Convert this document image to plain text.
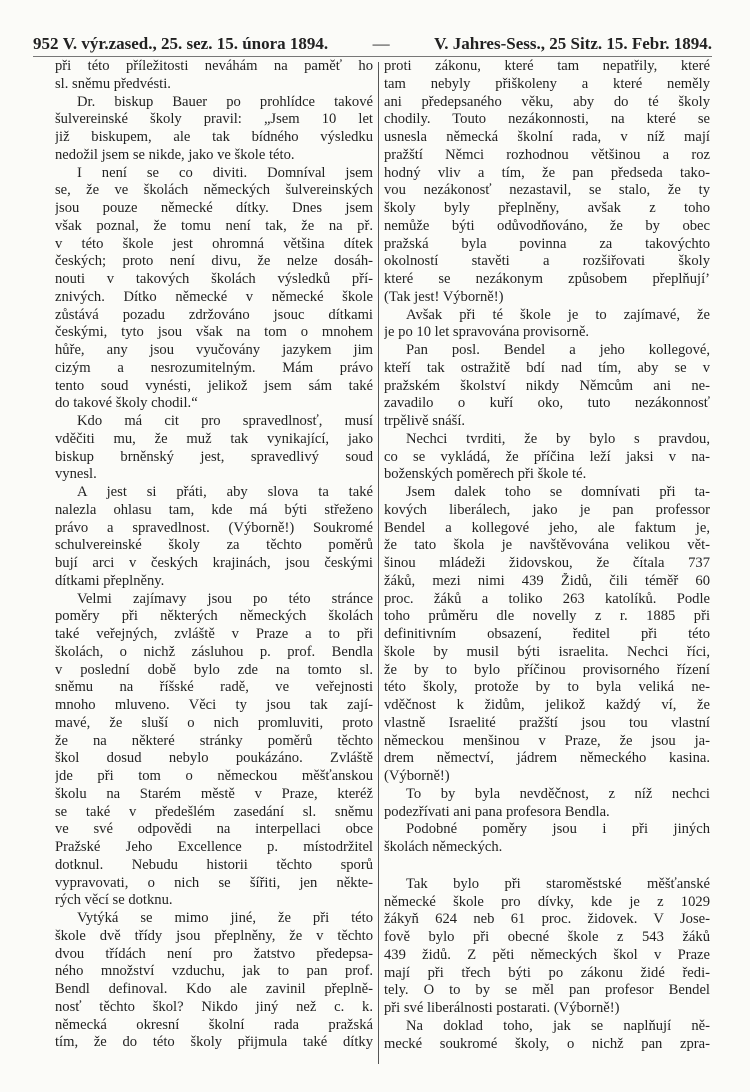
952 V. výr.zased., 25. sez. 15. února 1894.	—	V. Jahres-Sess., 25 Sitz. 15. Febr. 1894.
při této příležitosti neváhám na paměť ho
sl. sněmu předvésti.
Dr. biskup Bauer po prohlídce takové
šulvereinské školy pravil: „Jsem 10 let
již biskupem, ale tak bídného výsledku
nedožil jsem se nikde, jako ve škole této.
I není se co diviti. Domníval jsem
se, že ve školách německých šulvereinských
jsou pouze německé dítky. Dnes jsem
však poznal, že tomu není tak, že na př.
v této škole jest ohromná většina dítek
českých; proto není divu, že nelze dosáh-
nouti v takových školách výsledků pří-
znivých. Dítko německé v německé škole
zůstává pozadu zdržováno jsouc dítkami
českými, tyto jsou však na tom o mnohem
hůře, any jsou vyučovány jazykem jim
cizým a nesrozumitelným. Mám právo
tento soud vynésti, jelikož jsem sám také
do takové školy chodil.“
Kdo má cit pro spravedlnosť, musí
vděčiti mu, že muž tak vynikající, jako
biskup brněnský jest, spravedlivý soud
vynesl.
A jest si přáti, aby slova ta také
nalezla ohlasu tam, kde má býti střeženo
právo a spravedlnost. (Výborně!) Soukromé
schulvereinské školy za těchto poměrů
bují arci v českých krajinách, jsou českými
dítkami přeplněny.
Velmi zajímavy jsou po této stránce
poměry při některých německých školách
také veřejných, zvláště v Praze a to při
školách, o nichž zásluhou p. prof. Bendla
v poslední době bylo zde na tomto sl.
sněmu na říšské radě, ve veřejnosti
mnoho mluveno. Věci ty jsou tak zají-
mavé, že sluší o nich promluviti, proto
že na některé stránky poměrů těchto
škol dosud nebylo poukázáno. Zvláště
jde při tom o německou měšťanskou
školu na Starém městě v Praze, kteréž
se také v předešlém zasedání sl. sněmu
ve své odpovědi na interpellaci obce
Pražské Jeho Excellence p. místodržitel
dotknul. Nebudu historii těchto sporů
vypravovati, o nich se šířiti, jen někte-
rých věcí se dotknu.
Vytýká se mimo jiné, že při této
škole dvě třídy jsou přeplněny, že v těchto
dvou třídách není pro žatstvo předepsa-
ného množství vzduchu, jak to pan prof.
Bendl definoval. Kdo ale zavinil přeplně-
nosť těchto škol? Nikdo jiný než c. k.
německá okresní školní rada pražská
tím, že do této školy přijmula také dítky
proti zákonu, které tam nepatřily, které
tam nebyly přiškoleny a které neměly
ani předepsaného věku, aby do té školy
chodily. Touto nezákonnosti, na které se
usnesla německá školní rada, v níž mají
pražští Němci rozhodnou většinou a roz
hodný vliv a tím, že pan předseda tako-
vou nezákonosť nezastavil, se stalo, že ty
školy byly přeplněny, avšak z toho
nemůže býti odůvodňováno, že by obec
pražská byla povinna za takovýchto
okolností stavěti a rozšiřovati školy
které se nezákonym způsobem přeplňují’
(Tak jest! Výborně!)
Avšak při té škole je to zajímavé, že
je po 10 let spravována provisorně.
Pan posl. Bendel a jeho kollegové,
kteří tak ostražitě bdí nad tím, aby se v
pražském školství nikdy Němcům ani ne-
zavadilo o kuří oko, tuto nezákonnosť
trpělivě snáší.
Nechci tvrditi, že by bylo s pravdou,
co se vykládá, že příčina leží jaksi v na-
boženských poměrech při škole té.
Jsem dalek toho se domnívati při ta-
kových liberálech, jako je pan professor
Bendel a kollegové jeho, ale faktum je,
že tato škola je navštěvována velikou vět-
šinou mládeži židovskou, že čítala 737
žáků, mezi nimi 439 Židů, čili téměř 60
proc. žáků a toliko 263 katolíků. Podle
toho průměru dle novelly z r. 1885 při
definitivním obsazení, ředitel při této
škole by musil býti israelita. Nechci říci,
že by to bylo příčinou provisorného řízení
této školy, protože by to byla veliká ne-
vděčnost k židům, jelikož každý ví, že
vlastně Israelité pražští jsou tou vlastní
německou menšinou v Praze, že jsou ja-
drem němectví, jádrem německého kasina.
(Výborně!)
To by byla nevděčnost, z níž nechci
podezřívati ani pana profesora Bendla.
Podobné poměry jsou i při jiných
školách německých.
Tak bylo při staroměstské měšťanské
německé škole pro dívky, kde je z 1029
žákyň 624 neb 61 proc. židovek. V Jose-
fově bylo při obecné škole z 543 žáků
439 židů. Z pěti německých škol v Praze
mají při třech býti po zákonu židé ředi-
tely. O to by se měl pan profesor Bendel
při své liberálnosti postarati. (Výborně!)
Na doklad toho, jak se naplňují ně-
mecké soukromé školy, o nichž pan zpra-
